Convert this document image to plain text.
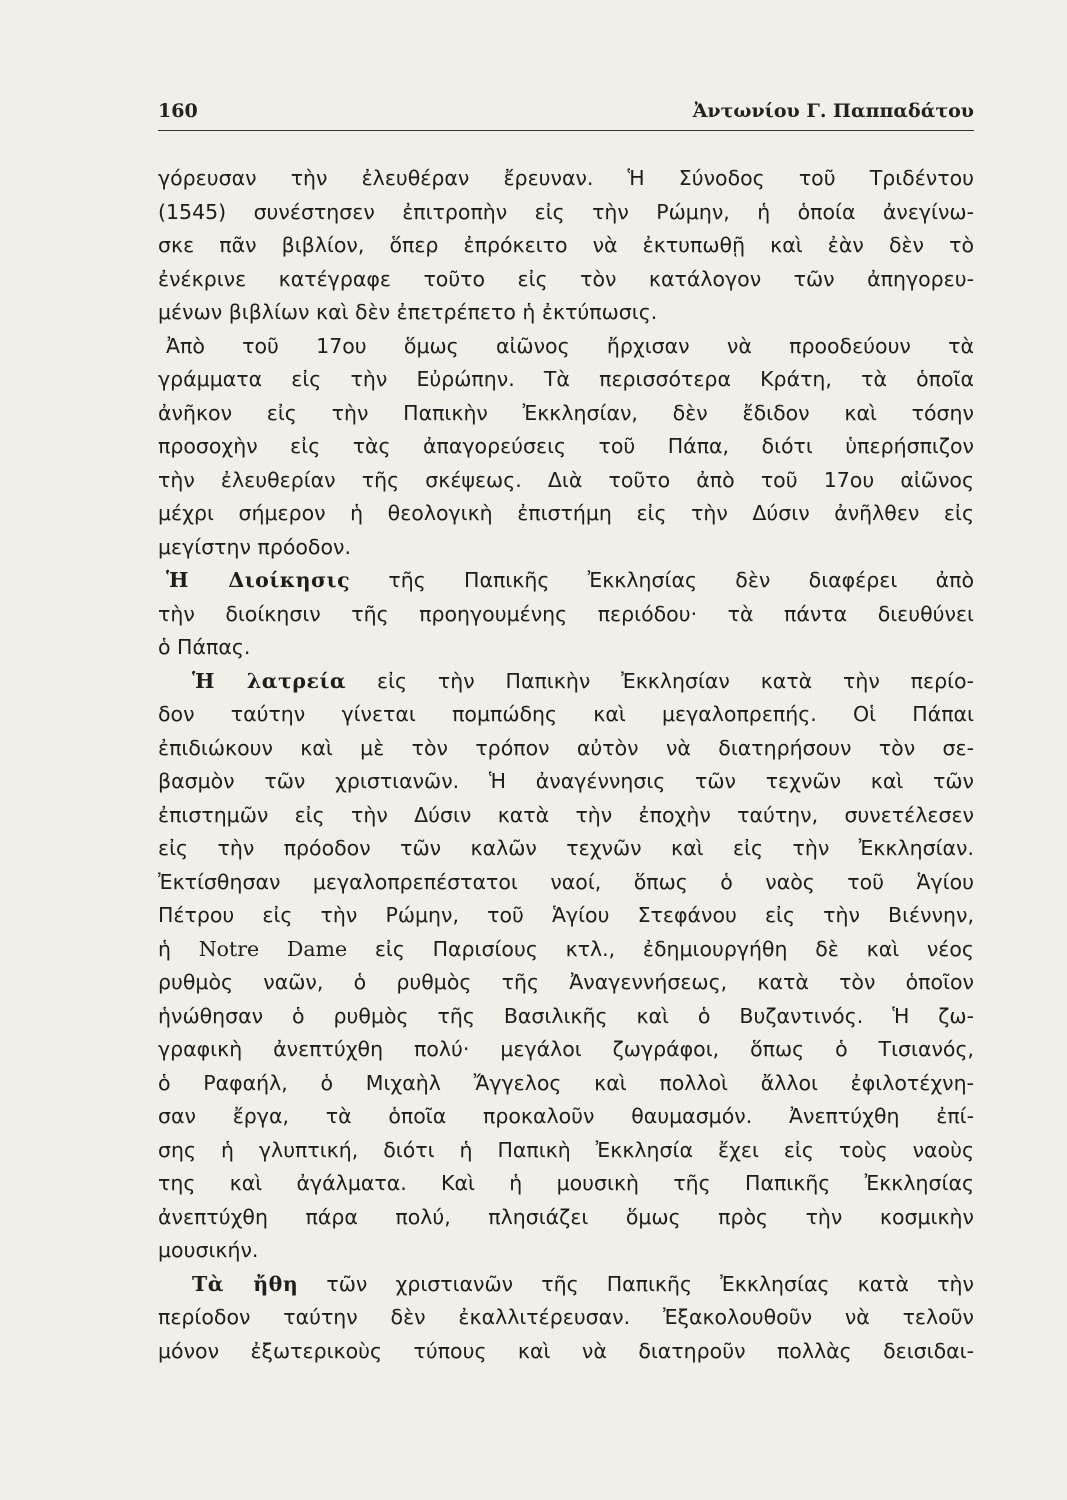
160	Ἀντωνίου Γ. Παππαδάτου
γόρευσαν τὴν ἐλευθέραν ἔρευναν. Ἡ Σύνοδος τοῦ Τριδέντου
(1545) συνέστησεν ἐπιτροπὴν εἰς τὴν Ρώμην, ἡ ὁποία ἀνεγίνω-
σκε πᾶν βιβλίον, ὅπερ ἐπρόκειτο νὰ ἐκτυπωθῇ καὶ ἐὰν δὲν τὸ
ἐνέκρινε κατέγραφε τοῦτο εἰς τὸν κατάλογον τῶν ἀπηγορευ-
μένων βιβλίων καὶ δὲν ἐπετρέπετο ἡ ἐκτύπωσις.
Ἀπὸ τοῦ 17ου ὅμως αἰῶνος ἤρχισαν νὰ προοδεύουν τὰ
γράμματα εἰς τὴν Εὐρώπην. Τὰ περισσότερα Κράτη, τὰ ὁποῖα
ἀνῆκον εἰς τὴν Παπικὴν Ἐκκλησίαν, δὲν ἔδιδον καὶ τόσην
προσοχὴν εἰς τὰς ἀπαγορεύσεις τοῦ Πάπα, διότι ὑπερήσπιζον
τὴν ἐλευθερίαν τῆς σκέψεως. Διὰ τοῦτο ἀπὸ τοῦ 17ου αἰῶνος
μέχρι σήμερον ἡ θεολογικὴ ἐπιστήμη εἰς τὴν Δύσιν ἀνῆλθεν εἰς
μεγίστην πρόοδον.
Ἡ Διοίκησις τῆς Παπικῆς Ἐκκλησίας δὲν διαφέρει ἀπὸ
τὴν διοίκησιν τῆς προηγουμένης περιόδου· τὰ πάντα διευθύνει
ὁ Πάπας.
Ἡ λατρεία εἰς τὴν Παπικὴν Ἐκκλησίαν κατὰ τὴν περίο-
δον ταύτην γίνεται πομπώδης καὶ μεγαλοπρεπής. Οἱ Πάπαι
ἐπιδιώκουν καὶ μὲ τὸν τρόπον αὐτὸν νὰ διατηρήσουν τὸν σε-
βασμὸν τῶν χριστιανῶν. Ἡ ἀναγέννησις τῶν τεχνῶν καὶ τῶν
ἐπιστημῶν εἰς τὴν Δύσιν κατὰ τὴν ἐποχὴν ταύτην, συνετέλεσεν
εἰς τὴν πρόοδον τῶν καλῶν τεχνῶν καὶ εἰς τὴν Ἐκκλησίαν.
Ἐκτίσθησαν μεγαλοπρεπέστατοι ναοί, ὅπως ὁ ναὸς τοῦ Ἁγίου
Πέτρου εἰς τὴν Ρώμην, τοῦ Ἁγίου Στεφάνου εἰς τὴν Βιέννην,
ἡ Notre Dame εἰς Παρισίους κτλ., ἐδημιουργήθη δὲ καὶ νέος
ρυθμὸς ναῶν, ὁ ρυθμὸς τῆς Ἀναγεννήσεως, κατὰ τὸν ὁποῖον
ἡνώθησαν ὁ ρυθμὸς τῆς Βασιλικῆς καὶ ὁ Βυζαντινός. Ἡ ζω-
γραφικὴ ἀνεπτύχθη πολύ· μεγάλοι ζωγράφοι, ὅπως ὁ Τισιανός,
ὁ Ραφαήλ, ὁ Μιχαὴλ Ἄγγελος καὶ πολλοὶ ἄλλοι ἐφιλοτέχνη-
σαν ἔργα, τὰ ὁποῖα προκαλοῦν θαυμασμόν. Ἀνεπτύχθη ἐπί-
σης ἡ γλυπτική, διότι ἡ Παπικὴ Ἐκκλησία ἔχει εἰς τοὺς ναοὺς
της καὶ ἀγάλματα. Καὶ ἡ μουσικὴ τῆς Παπικῆς Ἐκκλησίας
ἀνεπτύχθη πάρα πολύ, πλησιάζει ὅμως πρὸς τὴν κοσμικὴν
μουσικήν.
Τὰ ἤθη τῶν χριστιανῶν τῆς Παπικῆς Ἐκκλησίας κατὰ τὴν
περίοδον ταύτην δὲν ἐκαλλιτέρευσαν. Ἐξακολουθοῦν νὰ τελοῦν
μόνον ἐξωτερικοὺς τύπους καὶ νὰ διατηροῦν πολλὰς δεισιδαι-
